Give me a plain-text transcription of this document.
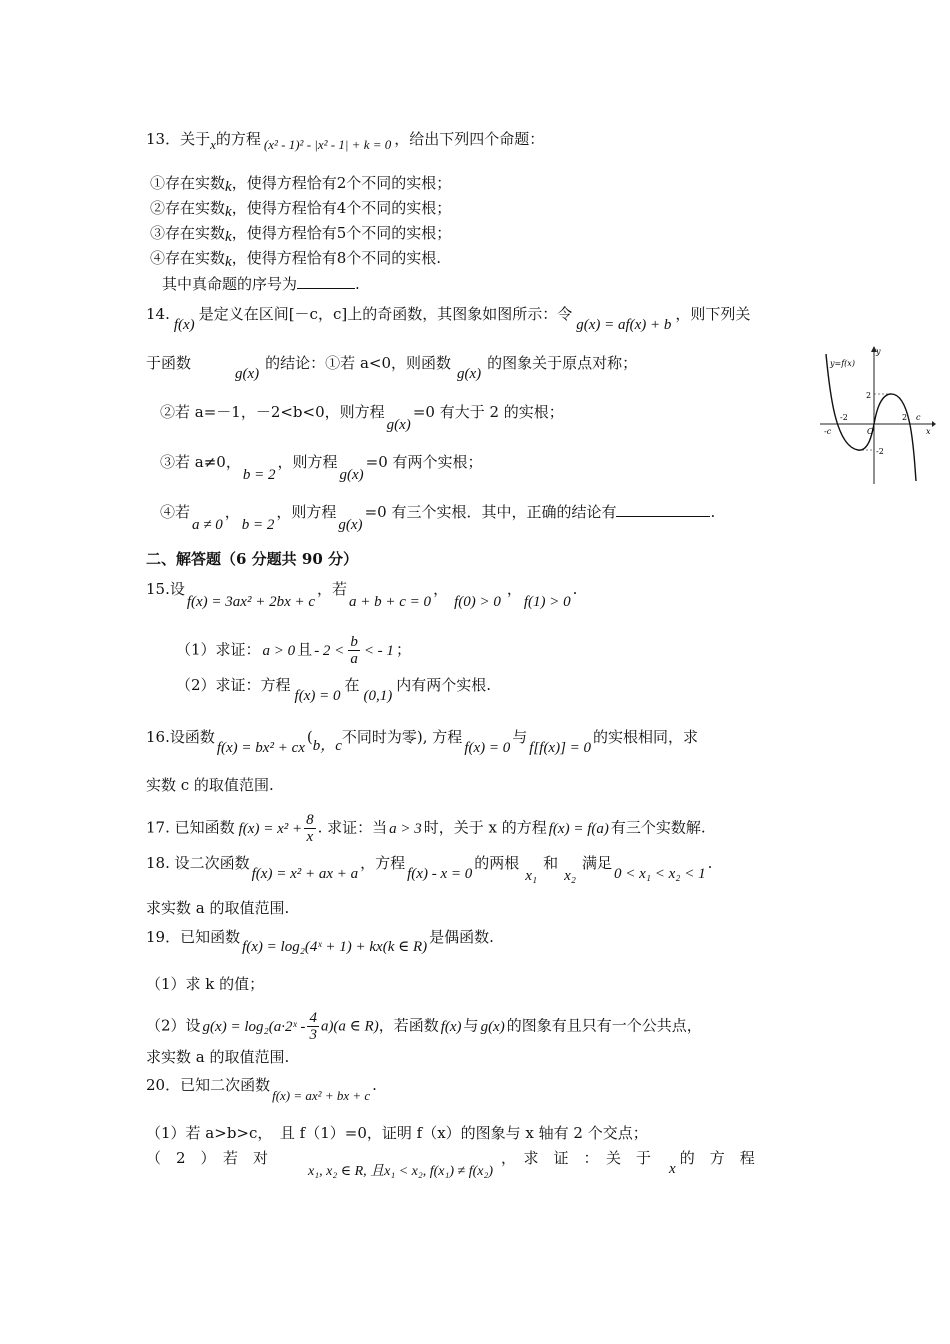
13．关于x的方程 (x² - 1)² - |x² - 1| + k = 0 ，给出下列四个命题：
①存在实数k，使得方程恰有2个不同的实根；
②存在实数k，使得方程恰有4个不同的实根；
③存在实数k，使得方程恰有5个不同的实根；
④存在实数k，使得方程恰有8个不同的实根.
其中真命题的序号为	.
14.f(x)是定义在区间[－c，c]上的奇函数，其图象如图所示：令g(x) = af(x) + b，则下列关
于函数g(x)的结论：①若 a<0，则函数g(x)的图象关于原点对称；
②若 a=－1，－2<b<0，则方程g(x)=0 有大于 2 的实根；
③若 a≠0，b = 2，则方程g(x)=0 有两个实根；
④若a ≠ 0，b = 2，则方程g(x)=0 有三个实根．其中，正确的结论有	.
y=f(x)
y
x
O
2
-2
-2	2
-c
c
二、解答题（6 分题共 90 分）
15.设f(x) = 3ax² + 2bx + c，若a + b + c = 0，f(0) > 0，f(1) > 0.
（1）求证： a > 0 且 - $2 < \frac{b}{a}$ < - 1 ；
（2）求证：方程f(x) = 0在(0,1)内有两个实根.
16.设函数f(x) = bx² + cx(b，c不同时为零), 方程f(x) = 0与f[f(x)] = 0的实根相同，求
实数 c 的取值范围.
17. 已知函数 $f(x) = x^2 + \frac{8}{x}$ . 求证：当 a > 3 时，关于 x 的方程 f(x) = f(a) 有三个实数解.
18. 设二次函数f(x) = x² + ax + a，方程f(x) - x = 0的两根x₁和x₂满足0 < x₁ < x₂ < 1.
求实数 a 的取值范围.
19．已知函数f(x) = log₂(4ˣ + 1) + kx(k ∈ R)是偶函数.
（1）求 k 的值；
（2）设 g(x) = log₂(a·2ˣ - $\frac{4}{3} a)(a$ ∈ R)，若函数 f(x) 与 g(x) 的图象有且只有一个公共点，
求实数 a 的取值范围.
20．已知二次函数f(x) = ax² + bx + c.
（1）若 a>b>c，　且 f（1）=0，证明 f（x）的图象与 x 轴有 2 个交点；
（　2　）　若　对x₁, x₂ ∈ R, 且x₁ < x₂, f(x₁) ≠ f(x₂)，　求　证　：　关　于x的　方　程
